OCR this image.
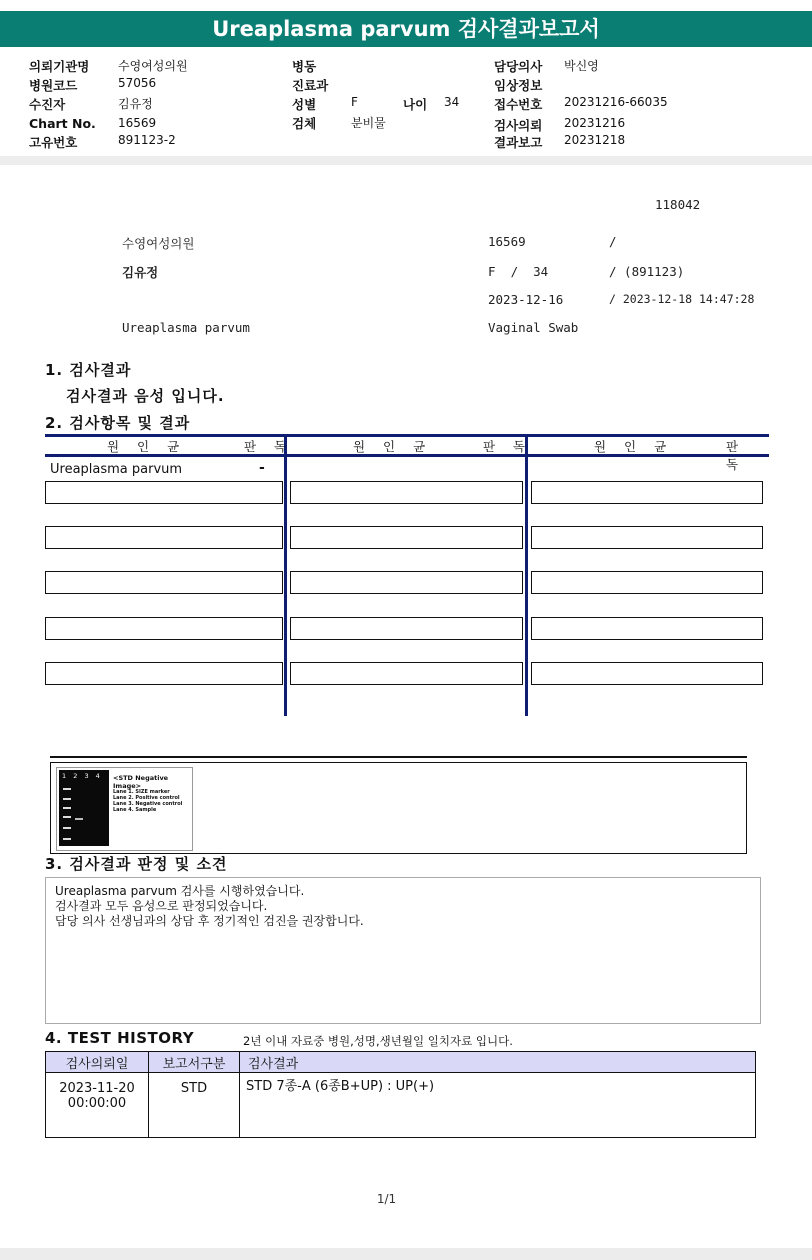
Ureaplasma parvum 검사결과보고서
의뢰기관명 수영여성의원
병원코드	57056
수진자	김유정
Chart No. 16569
고유번호	891123-2
병동
진료과
성별	F	나이 34
검체	분비물
담당의사 박신영
임상정보
접수번호 20231216-66035
검사의뢰 20231216
결과보고 20231218
118042
수영여성의원	16569	/
김유정	F  /  34	/ (891123)
2023-12-16	/ 2023-12-18 14:47:28
Ureaplasma parvum	Vaginal Swab
1. 검사결과
검사결과 음성 입니다.
2. 검사항목 및 결과
원 인 균	판 독	원 인 균	판 독	원 인 균	판 독
Ureaplasma parvum	-
1 2 3 4 <STD Negative Image>
Lane 1. SIZE marker
Lane 2. Positive control
Lane 3. Negative control
Lane 4. Sample
3. 검사결과 판정 및 소견
Ureaplasma parvum 검사를 시행하였습니다.
검사결과 모두 음성으로 판정되었습니다.
담당 의사 선생님과의 상담 후 정기적인 검진을 권장합니다.
4. TEST HISTORY	2년 이내 자료중 병원,성명,생년월일 일치자료 입니다.
검사의뢰일	보고서구분	검사결과

2023-11-20
00:00:00	STD	STD 7종-A (6종B+UP) : UP(+)
1/1
